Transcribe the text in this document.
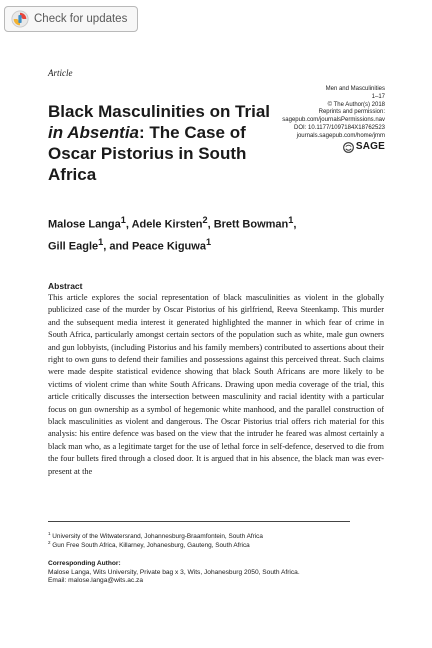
Check for updates
Article
Men and Masculinities
1–17
© The Author(s) 2018
Reprints and permission:
sagepub.com/journalsPermissions.nav
DOI: 10.1177/1097184X18762523
journals.sagepub.com/home/jmm
SAGE
Black Masculinities on Trial in Absentia: The Case of Oscar Pistorius in South Africa
Malose Langa$^1$, Adele Kirsten$^2$, Brett Bowman$^1$,
Gill Eagle$^1$, and Peace Kiguwa$^1$
Abstract
This article explores the social representation of black masculinities as violent in the globally publicized case of the murder by Oscar Pistorius of his girlfriend, Reeva Steenkamp. This murder and the subsequent media interest it generated highlighted the manner in which fear of crime in South Africa, particularly amongst certain sectors of the population such as white, male gun owners and gun lobbyists, (including Pistorius and his family members) contributed to assertions about their right to own guns to defend their families and possessions against this perceived threat. Such claims were made despite statistical evidence showing that black South Africans are more likely to be victims of violent crime than white South Africans. Drawing upon media coverage of the trial, this article critically discusses the intersection between masculinity and racial identity with a particular focus on gun ownership as a symbol of hegemonic white manhood, and the parallel construction of black masculinities as violent and dangerous. The Oscar Pistorius trial offers rich material for this analysis: his entire defence was based on the view that the intruder he feared was almost certainly a black man who, as a legitimate target for the use of lethal force in self-defence, deserved to die from the four bullets fired through a closed door. It is argued that in his absence, the black man was ever-present at the
$^1$ University of the Witwatersrand, Johannesburg-Braamfontein, South Africa
$^2$ Gun Free South Africa, Killarney, Johanesburg, Gauteng, South Africa
Corresponding Author:
Malose Langa, Wits University, Private bag x 3, Wits, Johanesburg 2050, South Africa.
Email: malose.langa@wits.ac.za
